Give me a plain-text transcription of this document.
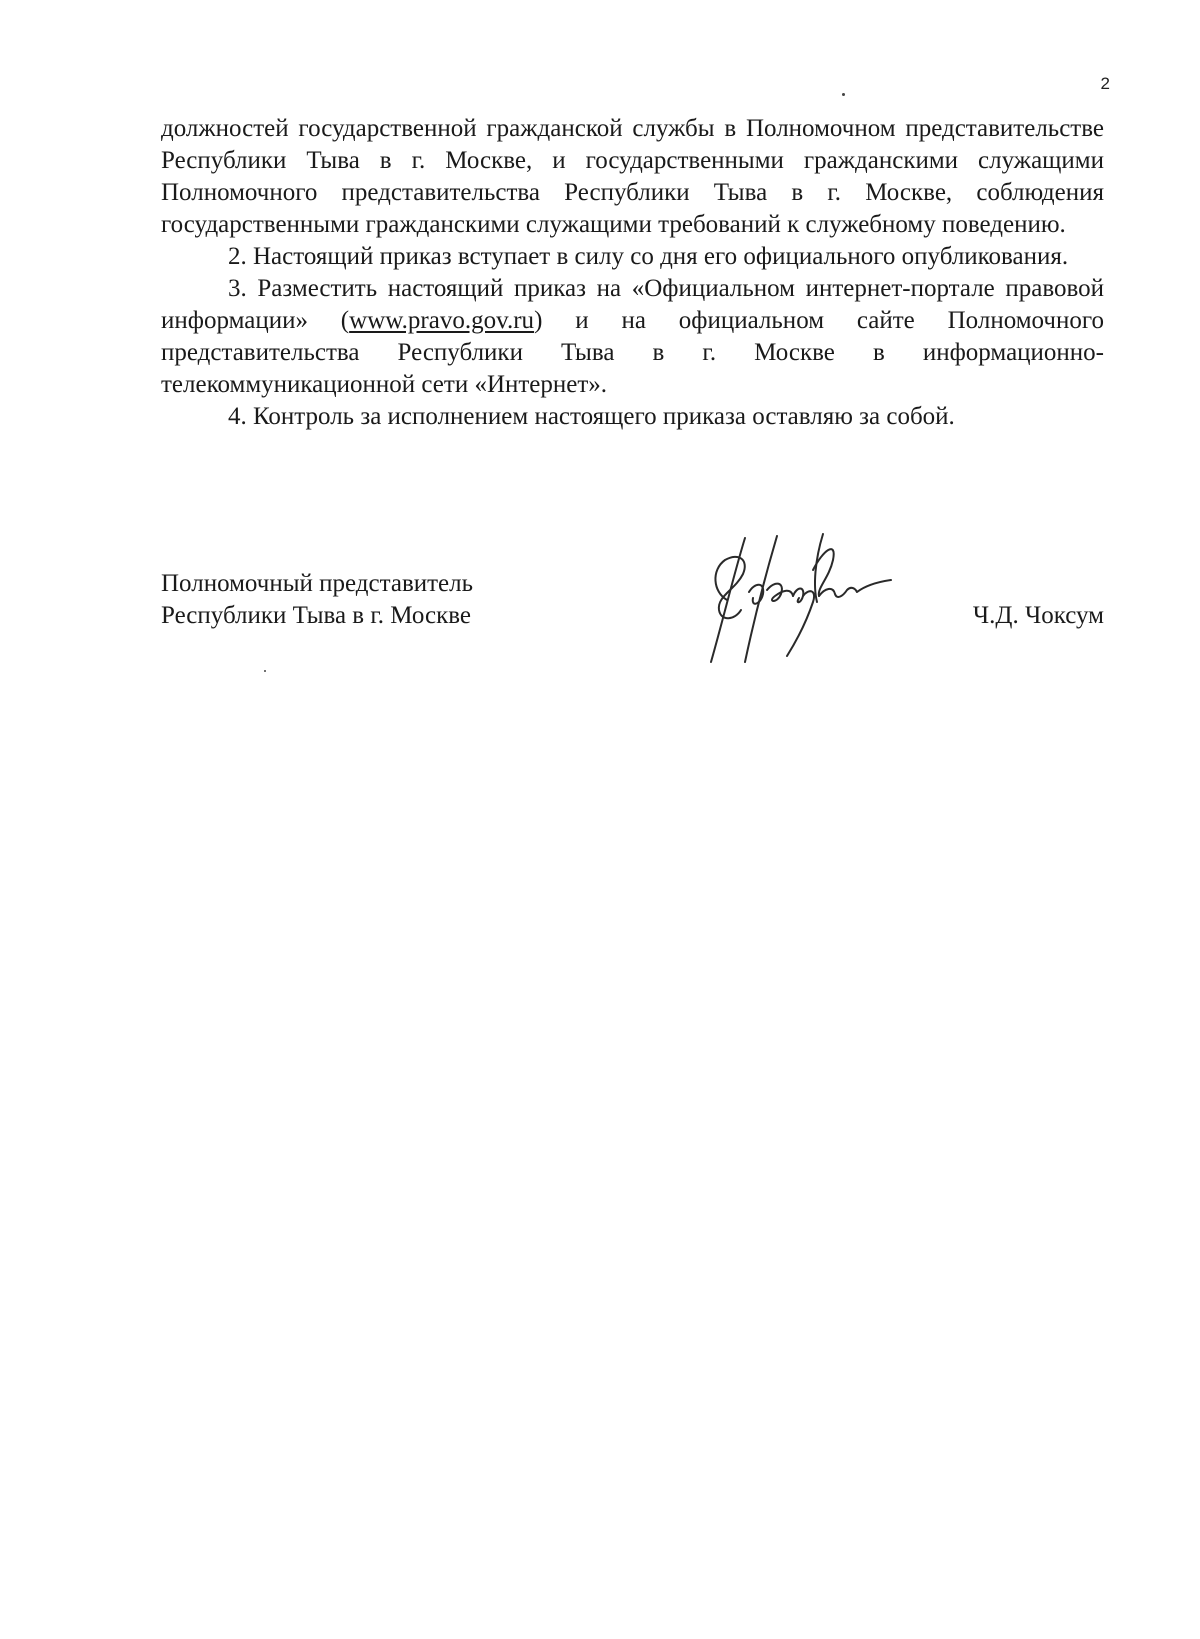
2

должностей государственной гражданской службы в Полномочном представительстве Республики Тыва в г. Москве, и государственными гражданскими служащими Полномочного представительства Республики Тыва в г. Москве, соблюдения государственными гражданскими служащими требований к служебному поведению.

2. Настоящий приказ вступает в силу со дня его официального опубликования.

3. Разместить настоящий приказ на «Официальном интернет-портале правовой информации» (www.pravo.gov.ru) и на официальном сайте Полномочного представительства Республики Тыва в г. Москве в информационно-телекоммуникационной сети «Интернет».

4. Контроль за исполнением настоящего приказа оставляю за собой.

Полномочный представитель
Республики Тыва в г. Москве	Ч.Д. Чоксум
